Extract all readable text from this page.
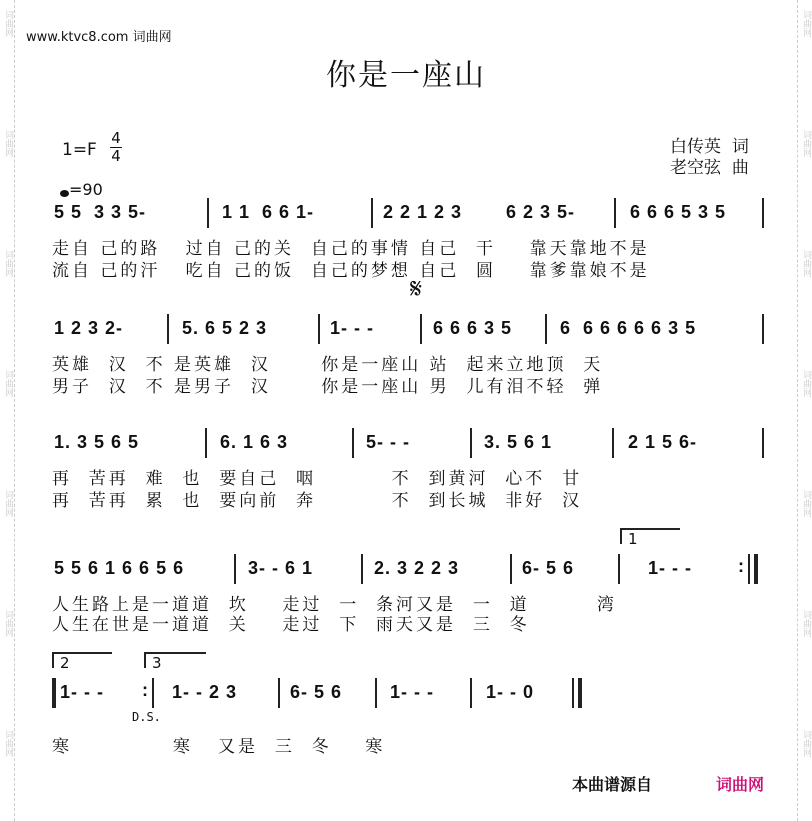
词曲网
词曲网
词曲网
词曲网
词曲网
词曲网
词曲网
词曲网
词曲网
词曲网
词曲网
词曲网
词曲网
词曲网
www.ktvc8.com 词曲网
你是一座山
$1=F \frac{4}{4}$
=90
白传英 词
老空弦 曲
5 5  3 3 5-	1 1  6 6 1-	2 2 1 2 3 6 2 3 5-	6 6 6 5 3 5
走自 己的路   过自 己的关  自己的事情 自己  干    靠天靠地不是
流自 己的汗   吃自 己的饭  自己的梦想 自己  圆    靠爹靠娘不是
𝄋
1 2 3 2-	5. 6 5 2 3	1- - -	6 6 6 3 5	6  6 6 6 6 6 3 5
英雄  汉  不 是英雄  汉      你是一座山 站  起来立地顶  天
男子  汉  不 是男子  汉      你是一座山 男  儿有泪不轻  弹
1. 3 5 6 5	6. 1 6 3	5- - -	3. 5 6 1	2 1 5 6-
再  苦再  难  也  要自己  咽         不  到黄河  心不  甘
再  苦再  累  也  要向前  奔         不  到长城  非好  汉
1
5 5 6 1 6 6 5 6	3- - 6 1	2. 3 2 2 3	6- 5 6	1- - -	:
人生路上是一道道  坎    走过  一  条河又是  一  道        湾
人生在世是一道道  关    走过  下  雨天又是  三  冬
2	3
1- - - :
D.S.
1- - 2 3	6- 5 6	1- - -	1- - 0
寒            寒   又是  三  冬    寒
本曲谱源自	词曲网
